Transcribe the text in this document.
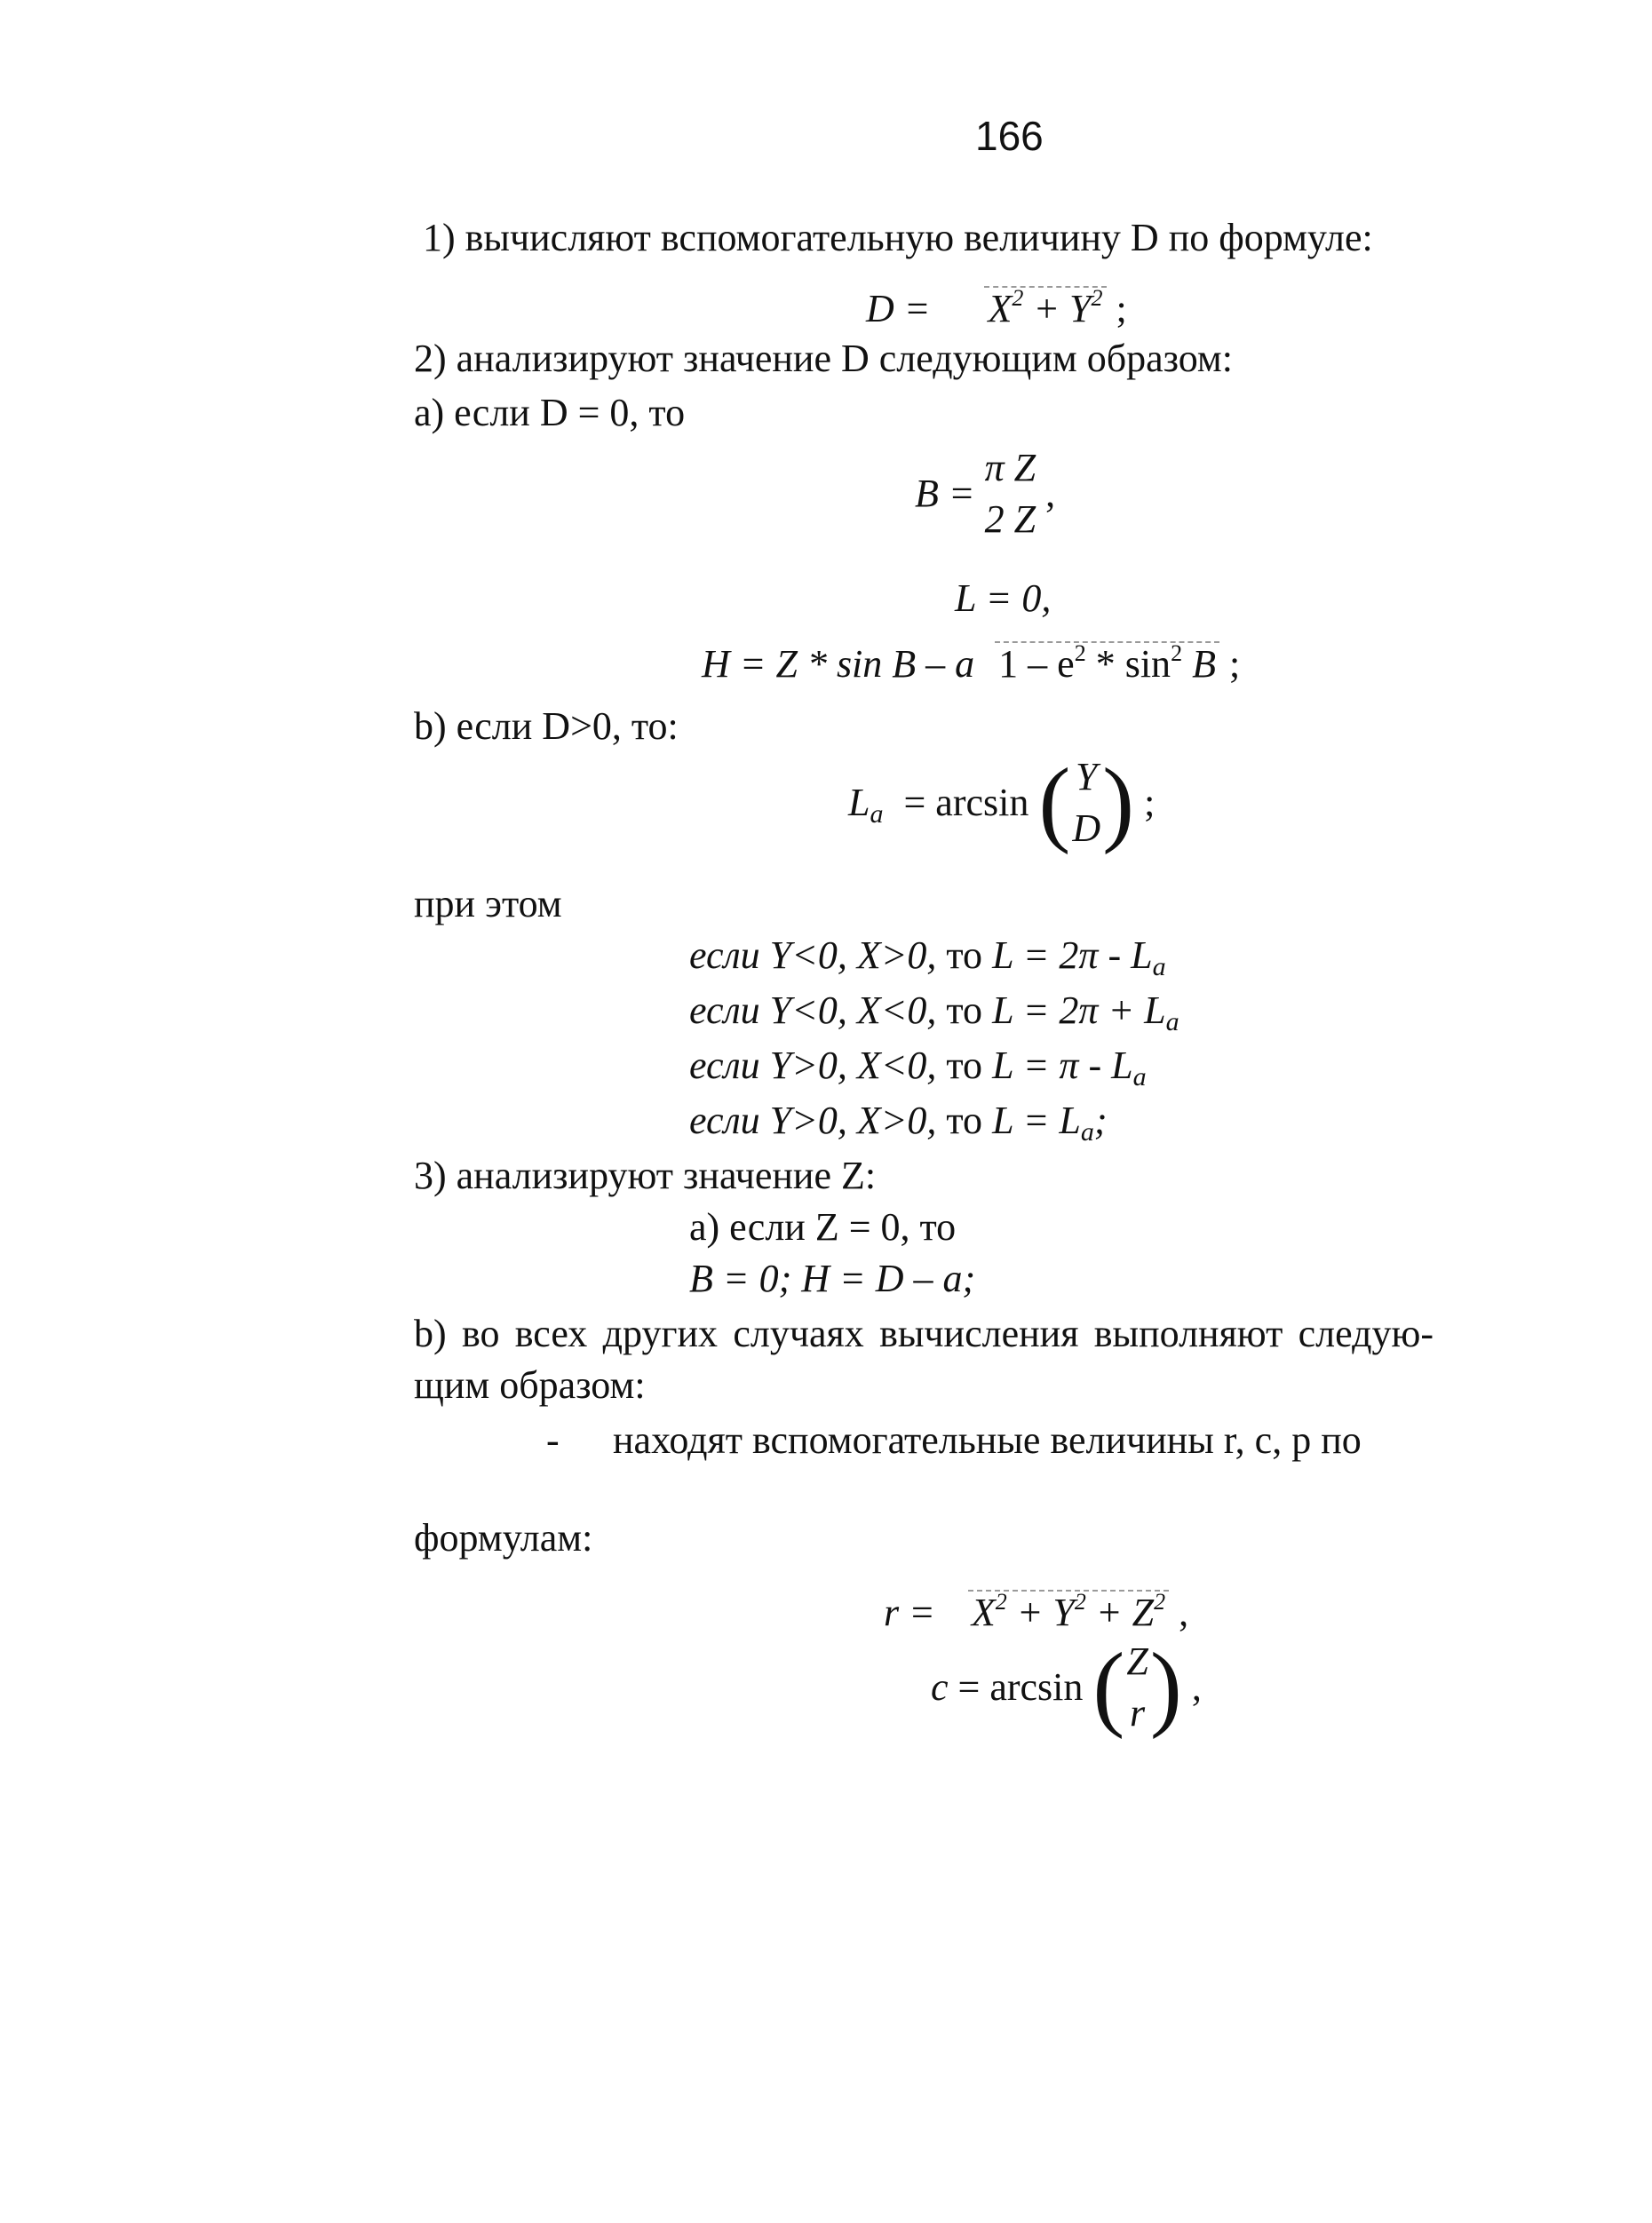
166
1) вычисляют вспомогательную величину D по формуле:
$D = X^2 + Y^2$ ;
2) анализируют значение D следующим образом:
а) если D = 0, то
B =
π Z
2 Z
,
L = 0,
H = Z * sin B – a $1 - e^2 * \sin^2 B$ ;
b) если D>0, то:
$L_a = \arcsin$ ( Y
D ) ;
при этом
если Y<0, X>0, то $L = 2\pi - L_a$
если Y<0, X<0, то $L = 2\pi + L_a$
если Y>0, X<0, то $L = \pi - L_a$
если Y>0, X>0, то $L = L_a$;
3) анализируют значение Z:
а) если Z = 0, то
B = 0; H = D – a;
b) во всех других случаях вычисления выполняют следую-
щим образом:
- находят вспомогательные величины r, c, p по
формулам:
$r = X^2 + Y^2 + Z^2$ ,
c = arcsin ( Z
r ) ,
